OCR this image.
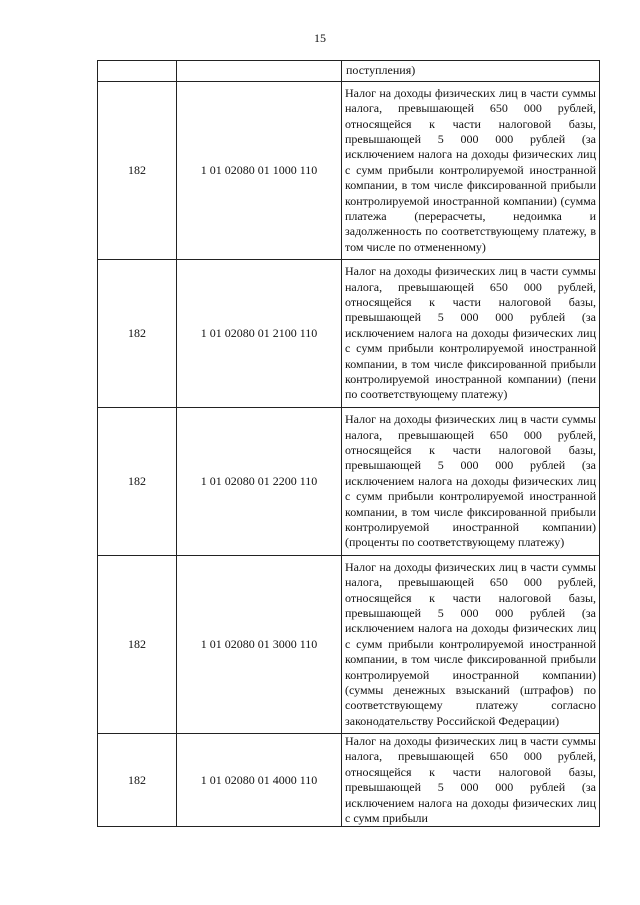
15
		поступления)
182	1 01 02080 01 1000 110	Налог на доходы физических лиц в части суммы налога, превышающей 650 000 рублей, относящейся к части налоговой базы, превышающей 5 000 000 рублей (за исключением налога на доходы физических лиц с сумм прибыли контролируемой иностранной компании, в том числе фиксированной прибыли контролируемой иностранной компании) (сумма платежа (перерасчеты, недоимка и задолженность по соответствующему платежу, в том числе по отмененному)
182	1 01 02080 01 2100 110	Налог на доходы физических лиц в части суммы налога, превышающей 650 000 рублей, относящейся к части налоговой базы, превышающей 5 000 000 рублей (за исключением налога на доходы физических лиц с сумм прибыли контролируемой иностранной компании, в том числе фиксированной прибыли контролируемой иностранной компании) (пени по соответствующему платежу)
182	1 01 02080 01 2200 110	Налог на доходы физических лиц в части суммы налога, превышающей 650 000 рублей, относящейся к части налоговой базы, превышающей 5 000 000 рублей (за исключением налога на доходы физических лиц с сумм прибыли контролируемой иностранной компании, в том числе фиксированной прибыли контролируемой иностранной компании) (проценты по соответствующему платежу)
182	1 01 02080 01 3000 110	Налог на доходы физических лиц в части суммы налога, превышающей 650 000 рублей, относящейся к части налоговой базы, превышающей 5 000 000 рублей (за исключением налога на доходы физических лиц с сумм прибыли контролируемой иностранной компании, в том числе фиксированной прибыли контролируемой иностранной компании) (суммы денежных взысканий (штрафов) по соответствующему платежу согласно законодательству Российской Федерации)
182	1 01 02080 01 4000 110	Налог на доходы физических лиц в части суммы налога, превышающей 650 000 рублей, относящейся к части налоговой базы, превышающей 5 000 000 рублей (за исключением налога на доходы физических лиц с сумм прибыли
